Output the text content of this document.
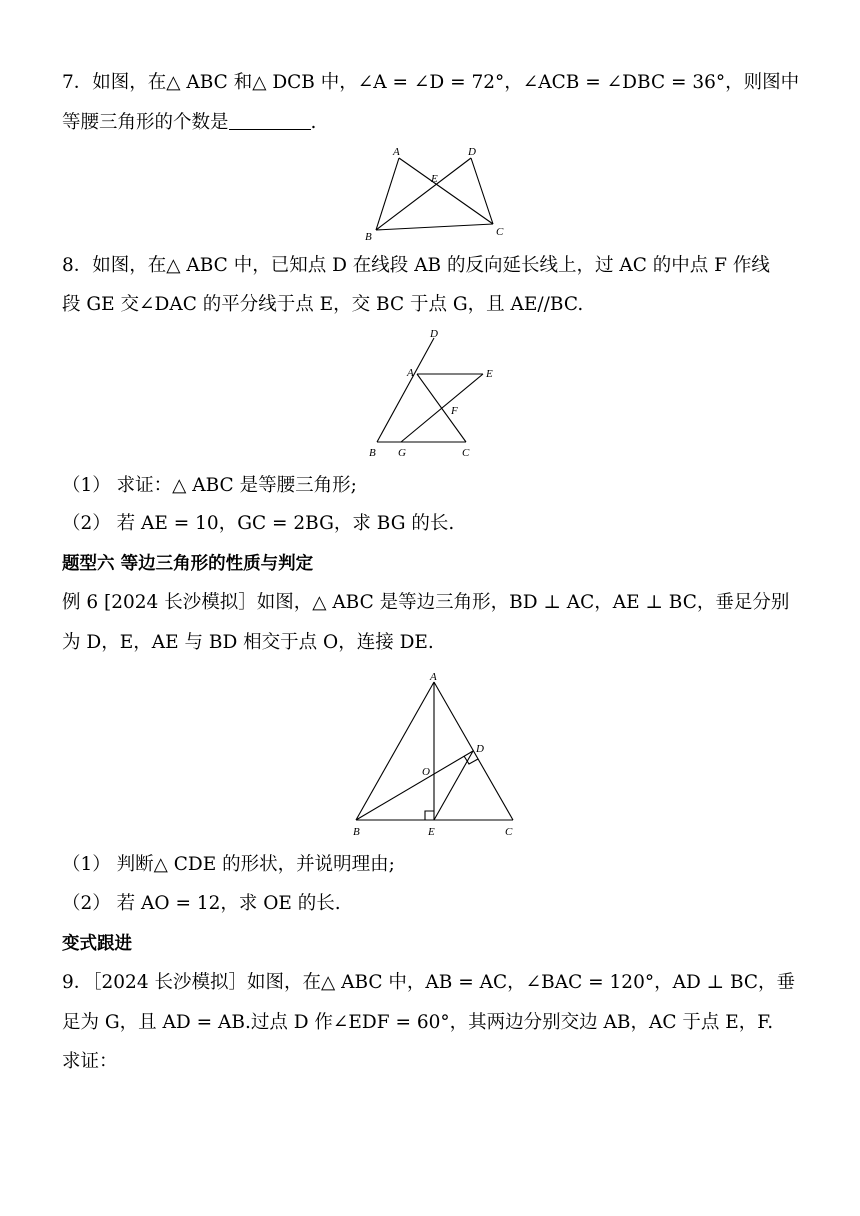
7．如图，在△ ABC 和△ DCB 中，∠A = ∠D = 72°，∠ACB = ∠DBC = 36°，则图中
等腰三角形的个数是	.
A	D
E
B	C
8．如图，在△ ABC 中，已知点 D 在线段 AB 的反向延长线上，过 AC 的中点 F 作线
段 GE 交∠DAC 的平分线于点 E，交 BC 于点 G，且 AE//BC.
D
A	E
F
B G	C
（1） 求证：△ ABC 是等腰三角形;
（2） 若 AE = 10，GC = 2BG，求 BG 的长.
题型六 等边三角形的性质与判定
例 6 [2024 长沙模拟］如图，△ ABC 是等边三角形，BD ⊥ AC，AE ⊥ BC，垂足分别
为 D，E，AE 与 BD 相交于点 O，连接 DE.
A
D
O
B	E	C
（1） 判断△ CDE 的形状，并说明理由;
（2） 若 AO = 12，求 OE 的长.
变式跟进
9．［2024 长沙模拟］如图，在△ ABC 中，AB = AC，∠BAC = 120°，AD ⊥ BC，垂
足为 G，且 AD = AB.过点 D 作∠EDF = 60°，其两边分别交边 AB，AC 于点 E，F.
求证：
